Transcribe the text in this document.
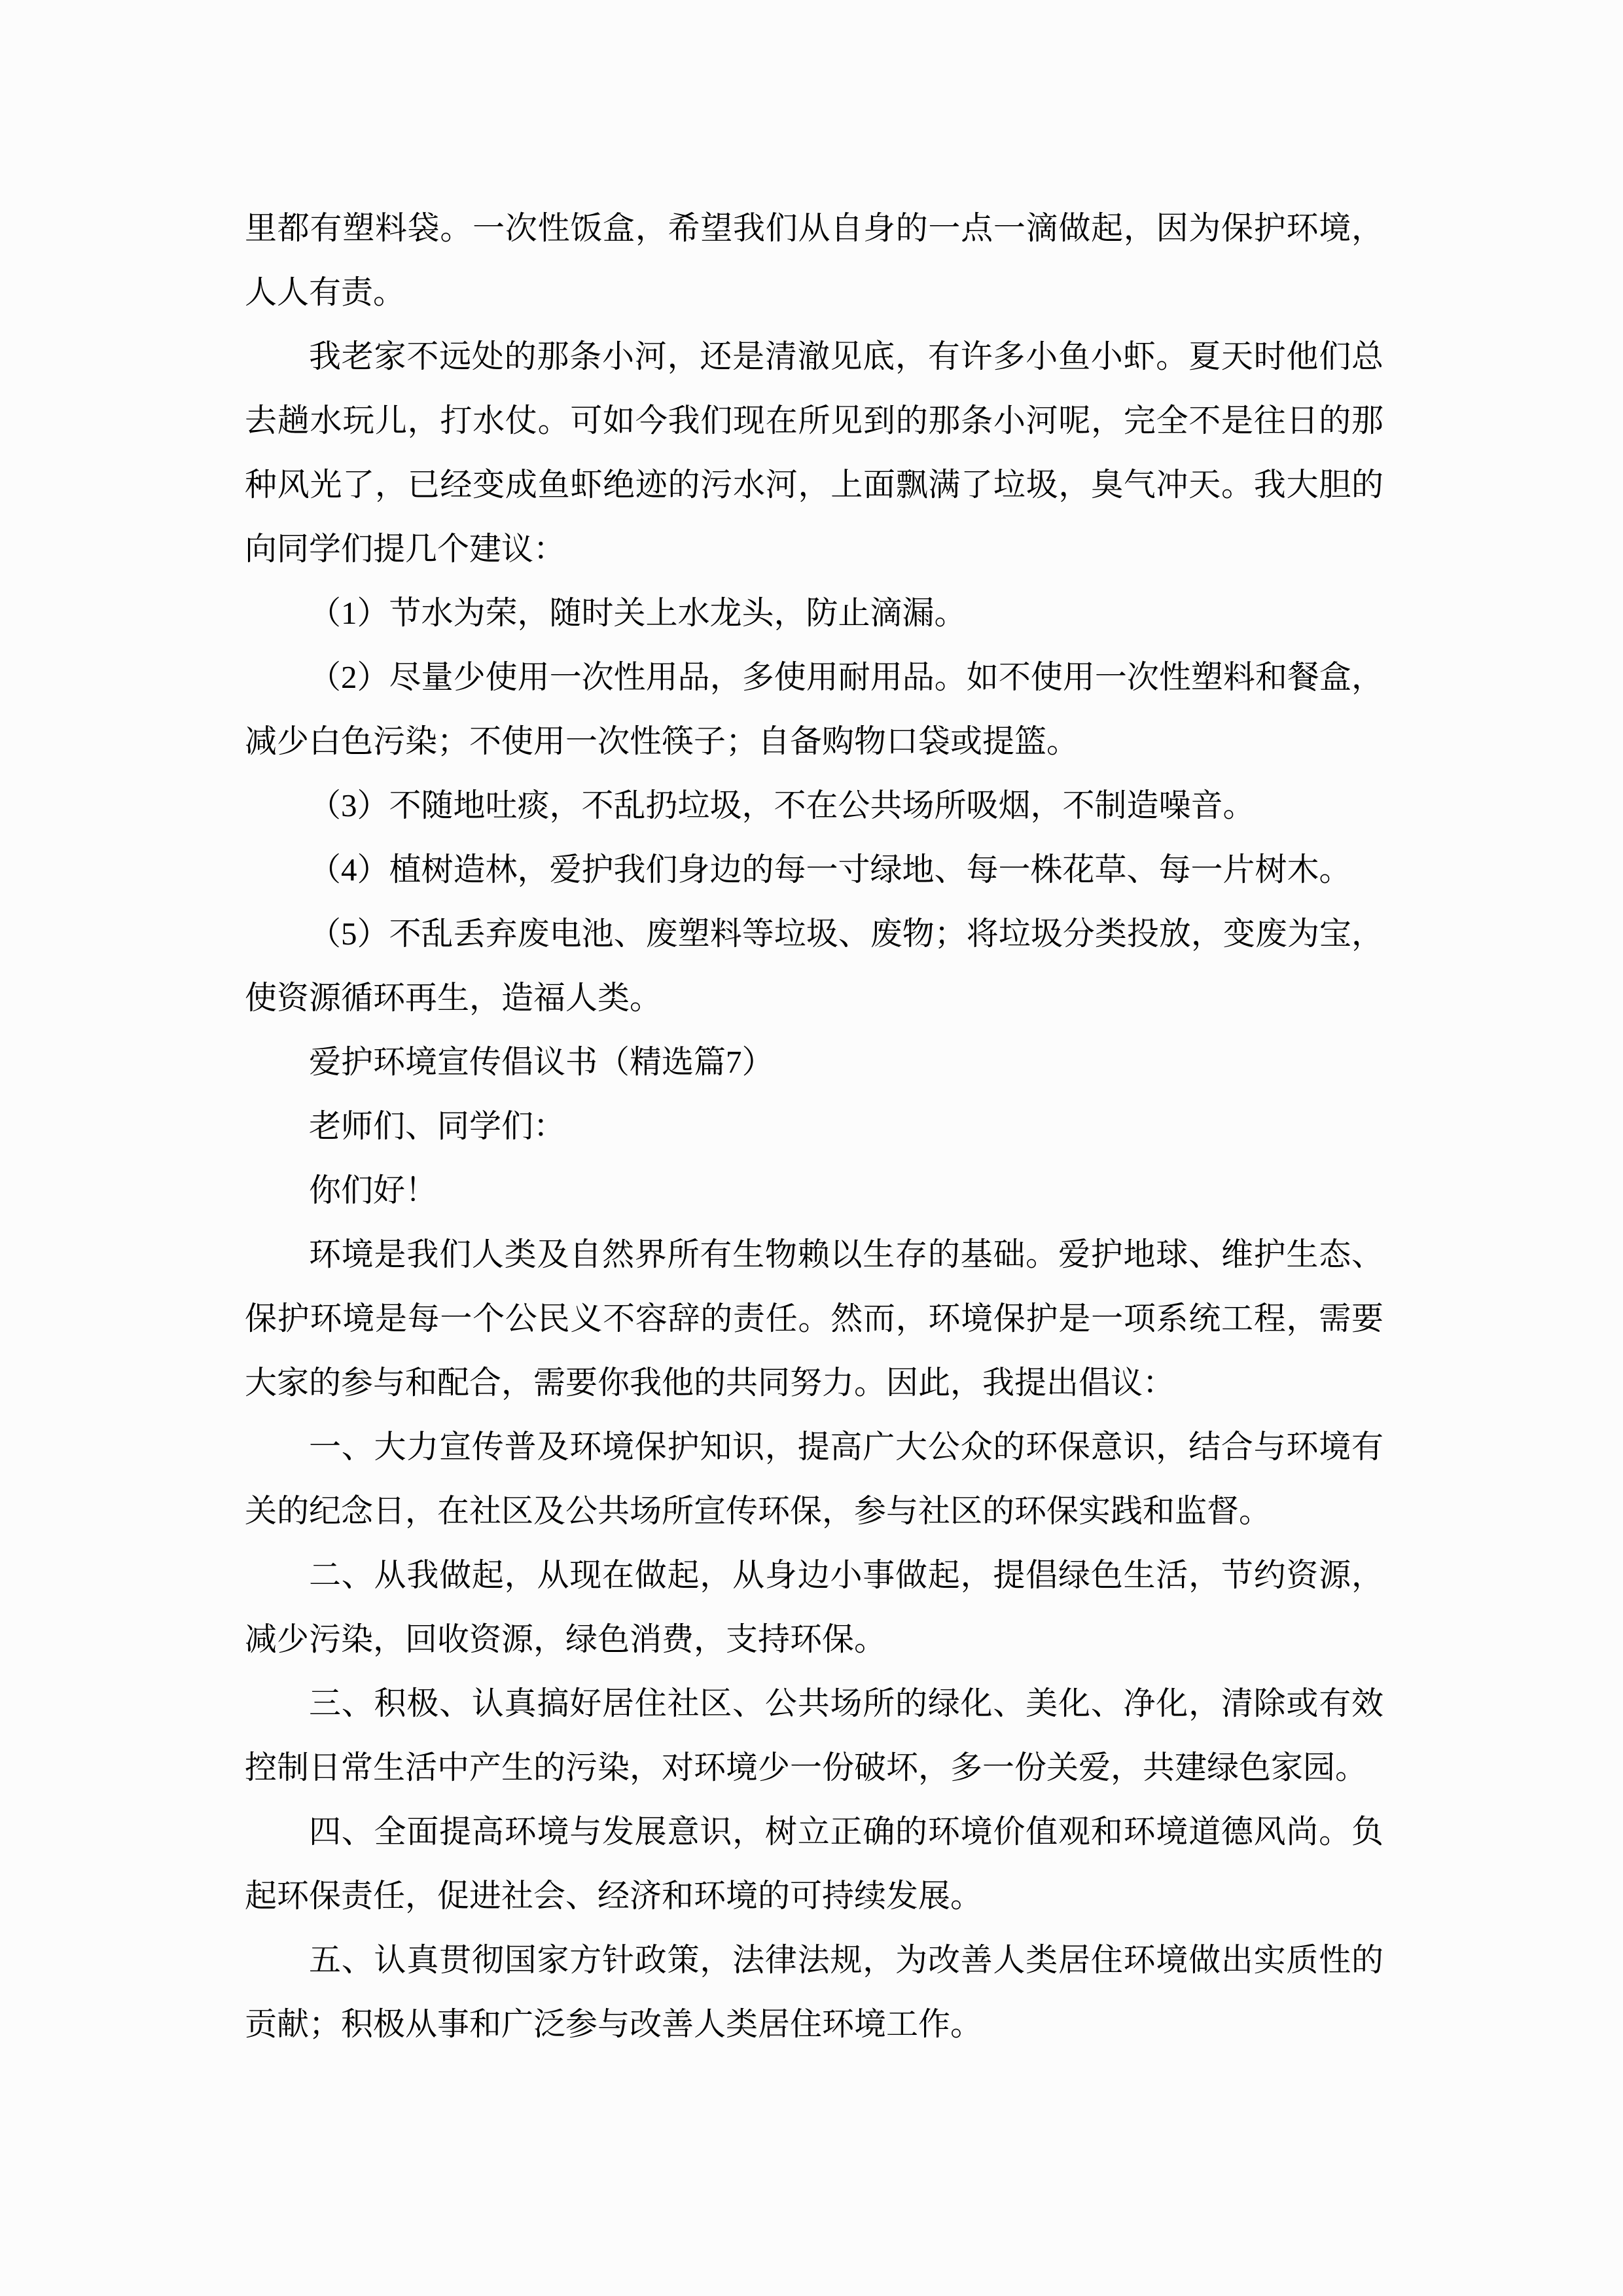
里都有塑料袋。一次性饭盒，希望我们从自身的一点一滴做起，因为保护环境，人人有责。

我老家不远处的那条小河，还是清澈见底，有许多小鱼小虾。夏天时他们总去趟水玩儿，打水仗。可如今我们现在所见到的那条小河呢，完全不是往日的那种风光了，已经变成鱼虾绝迹的污水河，上面飘满了垃圾，臭气冲天。我大胆的向同学们提几个建议：

（1）节水为荣，随时关上水龙头，防止滴漏。

（2）尽量少使用一次性用品，多使用耐用品。如不使用一次性塑料和餐盒，减少白色污染；不使用一次性筷子；自备购物口袋或提篮。

（3）不随地吐痰，不乱扔垃圾，不在公共场所吸烟，不制造噪音。

（4）植树造林，爱护我们身边的每一寸绿地、每一株花草、每一片树木。

（5）不乱丢弃废电池、废塑料等垃圾、废物；将垃圾分类投放，变废为宝，使资源循环再生，造福人类。

爱护环境宣传倡议书（精选篇7）

老师们、同学们：

你们好！

环境是我们人类及自然界所有生物赖以生存的基础。爱护地球、维护生态、保护环境是每一个公民义不容辞的责任。然而，环境保护是一项系统工程，需要大家的参与和配合，需要你我他的共同努力。因此，我提出倡议：

一、大力宣传普及环境保护知识，提高广大公众的环保意识，结合与环境有关的纪念日，在社区及公共场所宣传环保，参与社区的环保实践和监督。

二、从我做起，从现在做起，从身边小事做起，提倡绿色生活，节约资源，减少污染，回收资源，绿色消费，支持环保。

三、积极、认真搞好居住社区、公共场所的绿化、美化、净化，清除或有效控制日常生活中产生的污染，对环境少一份破坏，多一份关爱，共建绿色家园。

四、全面提高环境与发展意识，树立正确的环境价值观和环境道德风尚。负起环保责任，促进社会、经济和环境的可持续发展。

五、认真贯彻国家方针政策，法律法规，为改善人类居住环境做出实质性的贡献；积极从事和广泛参与改善人类居住环境工作。
